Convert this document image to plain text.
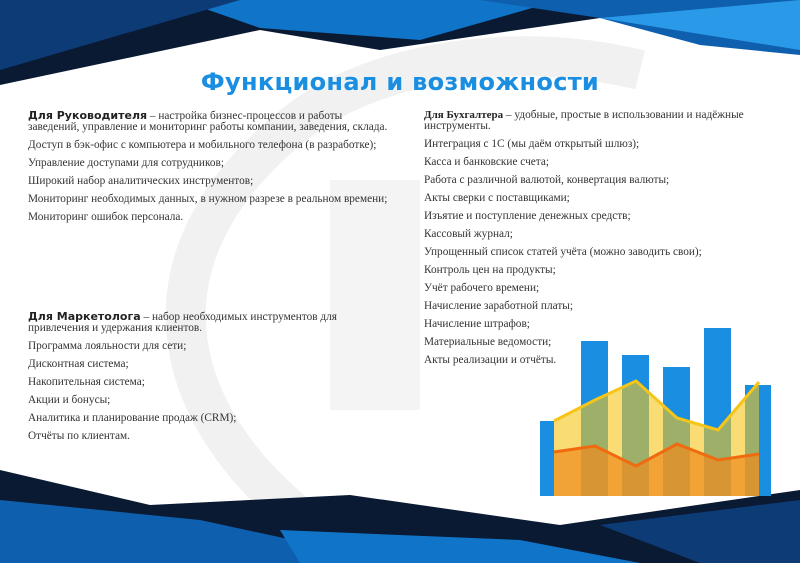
Функционал и возможности

Для Руководителя – настройка бизнес-процессов и работы заведений, управление и мониторинг работы компании, заведения, склада.

Доступ в бэк-офис с компьютера и мобильного телефона (в разработке);

Управление доступами для сотрудников;

Широкий набор аналитических инструментов;

Мониторинг необходимых данных, в нужном разрезе в реальном времени;

Мониторинг ошибок персонала.

Для Маркетолога – набор необходимых инструментов для привлечения и удержания клиентов.

Программа лояльности для сети;

Дисконтная система;

Накопительная система;

Акции и бонусы;

Аналитика и планирование продаж (CRM);

Отчёты по клиентам.

Для Бухгалтера – удобные, простые в использовании и надёжные инструменты.

Интеграция с 1С (мы даём открытый шлюз);

Касса и банковские счета;

Работа с различной валютой, конвертация валюты;

Акты сверки с поставщиками;

Изъятие и поступление денежных средств;

Кассовый журнал;

Упрощенный список статей учёта (можно заводить свои);

Контроль цен на продукты;

Учёт рабочего времени;

Начисление заработной платы;

Начисление штрафов;

Материальные ведомости;

Акты реализации и отчёты.
